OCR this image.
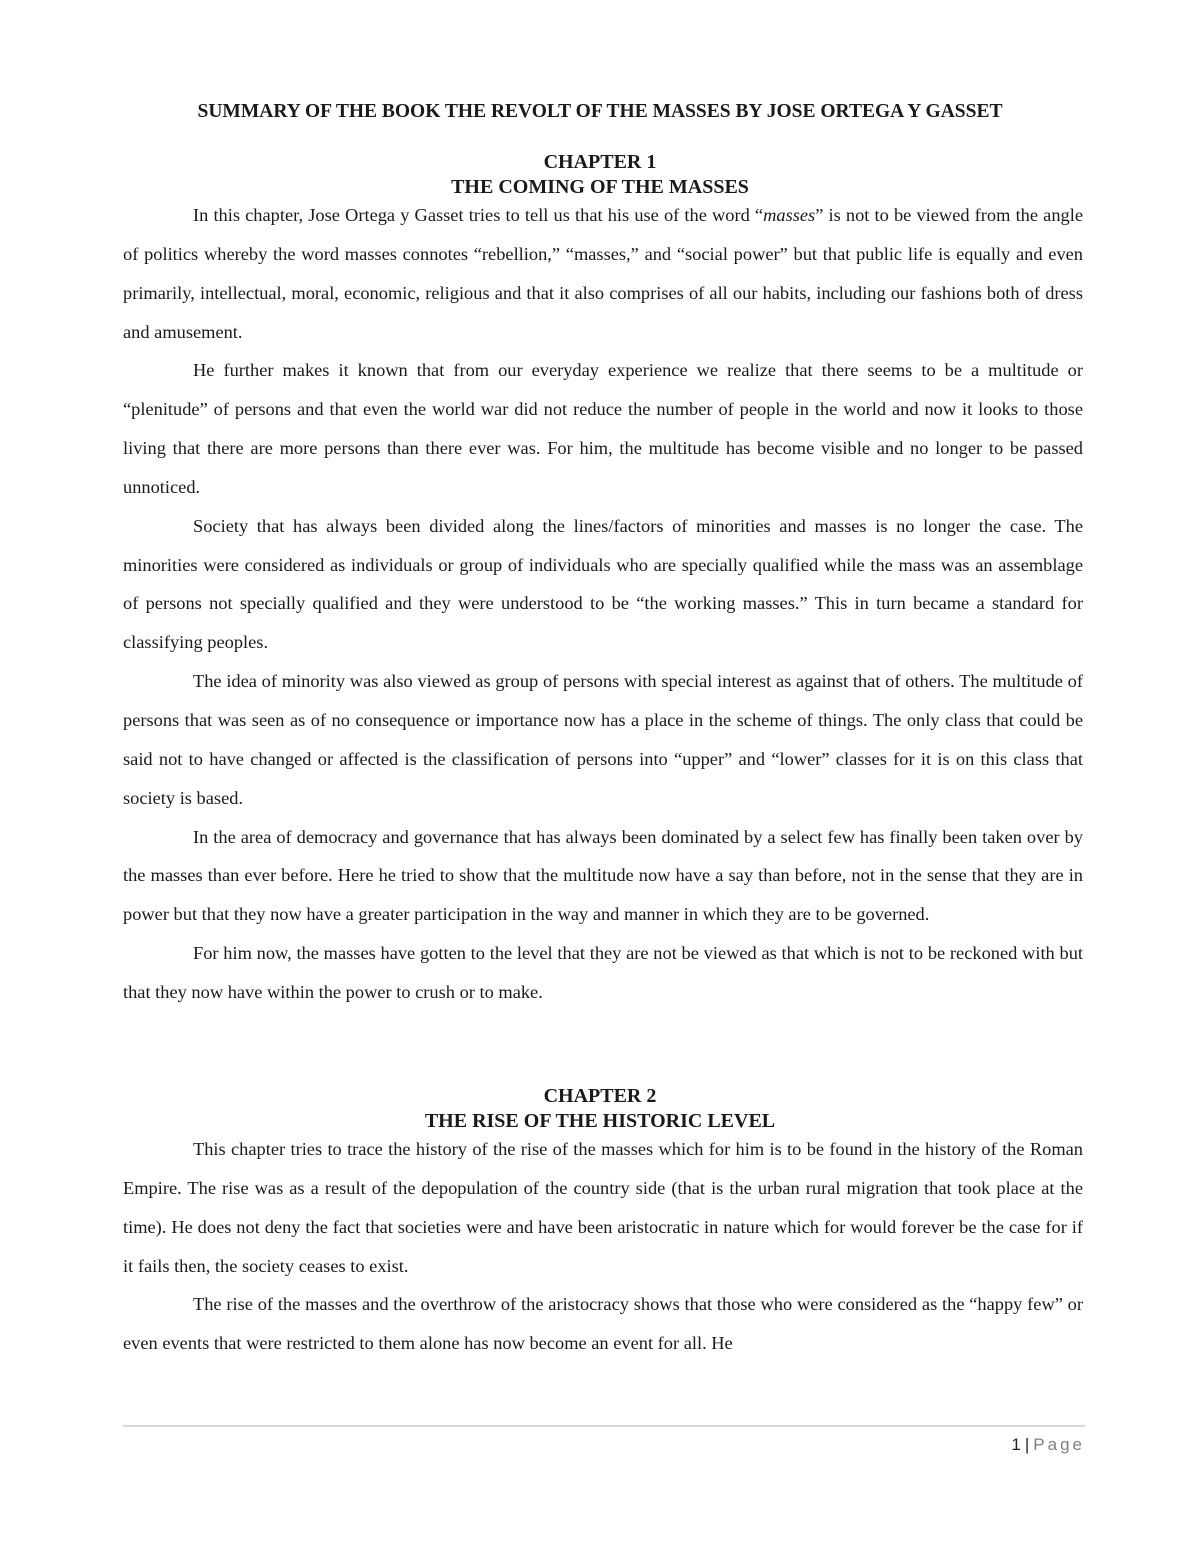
SUMMARY OF THE BOOK THE REVOLT OF THE MASSES BY JOSE ORTEGA Y GASSET
CHAPTER 1
THE COMING OF THE MASSES

In this chapter, Jose Ortega y Gasset tries to tell us that his use of the word “masses” is not to be viewed from the angle of politics whereby the word masses connotes “rebellion,” “masses,” and “social power” but that public life is equally and even primarily, intellectual, moral, economic, religious and that it also comprises of all our habits, including our fashions both of dress and amusement.

He further makes it known that from our everyday experience we realize that there seems to be a multitude or “plenitude” of persons and that even the world war did not reduce the number of people in the world and now it looks to those living that there are more persons than there ever was. For him, the multitude has become visible and no longer to be passed unnoticed.

Society that has always been divided along the lines/factors of minorities and masses is no longer the case. The minorities were considered as individuals or group of individuals who are specially qualified while the mass was an assemblage of persons not specially qualified and they were understood to be “the working masses.” This in turn became a standard for classifying peoples.

The idea of minority was also viewed as group of persons with special interest as against that of others. The multitude of persons that was seen as of no consequence or importance now has a place in the scheme of things. The only class that could be said not to have changed or affected is the classification of persons into “upper” and “lower” classes for it is on this class that society is based.

In the area of democracy and governance that has always been dominated by a select few has finally been taken over by the masses than ever before. Here he tried to show that the multitude now have a say than before, not in the sense that they are in power but that they now have a greater participation in the way and manner in which they are to be governed.

For him now, the masses have gotten to the level that they are not be viewed as that which is not to be reckoned with but that they now have within the power to crush or to make.

CHAPTER 2
THE RISE OF THE HISTORIC LEVEL

This chapter tries to trace the history of the rise of the masses which for him is to be found in the history of the Roman Empire. The rise was as a result of the depopulation of the country side (that is the urban rural migration that took place at the time). He does not deny the fact that societies were and have been aristocratic in nature which for would forever be the case for if it fails then, the society ceases to exist.

The rise of the masses and the overthrow of the aristocracy shows that those who were considered as the “happy few” or even events that were restricted to them alone has now become an event for all. He

1 | Page
